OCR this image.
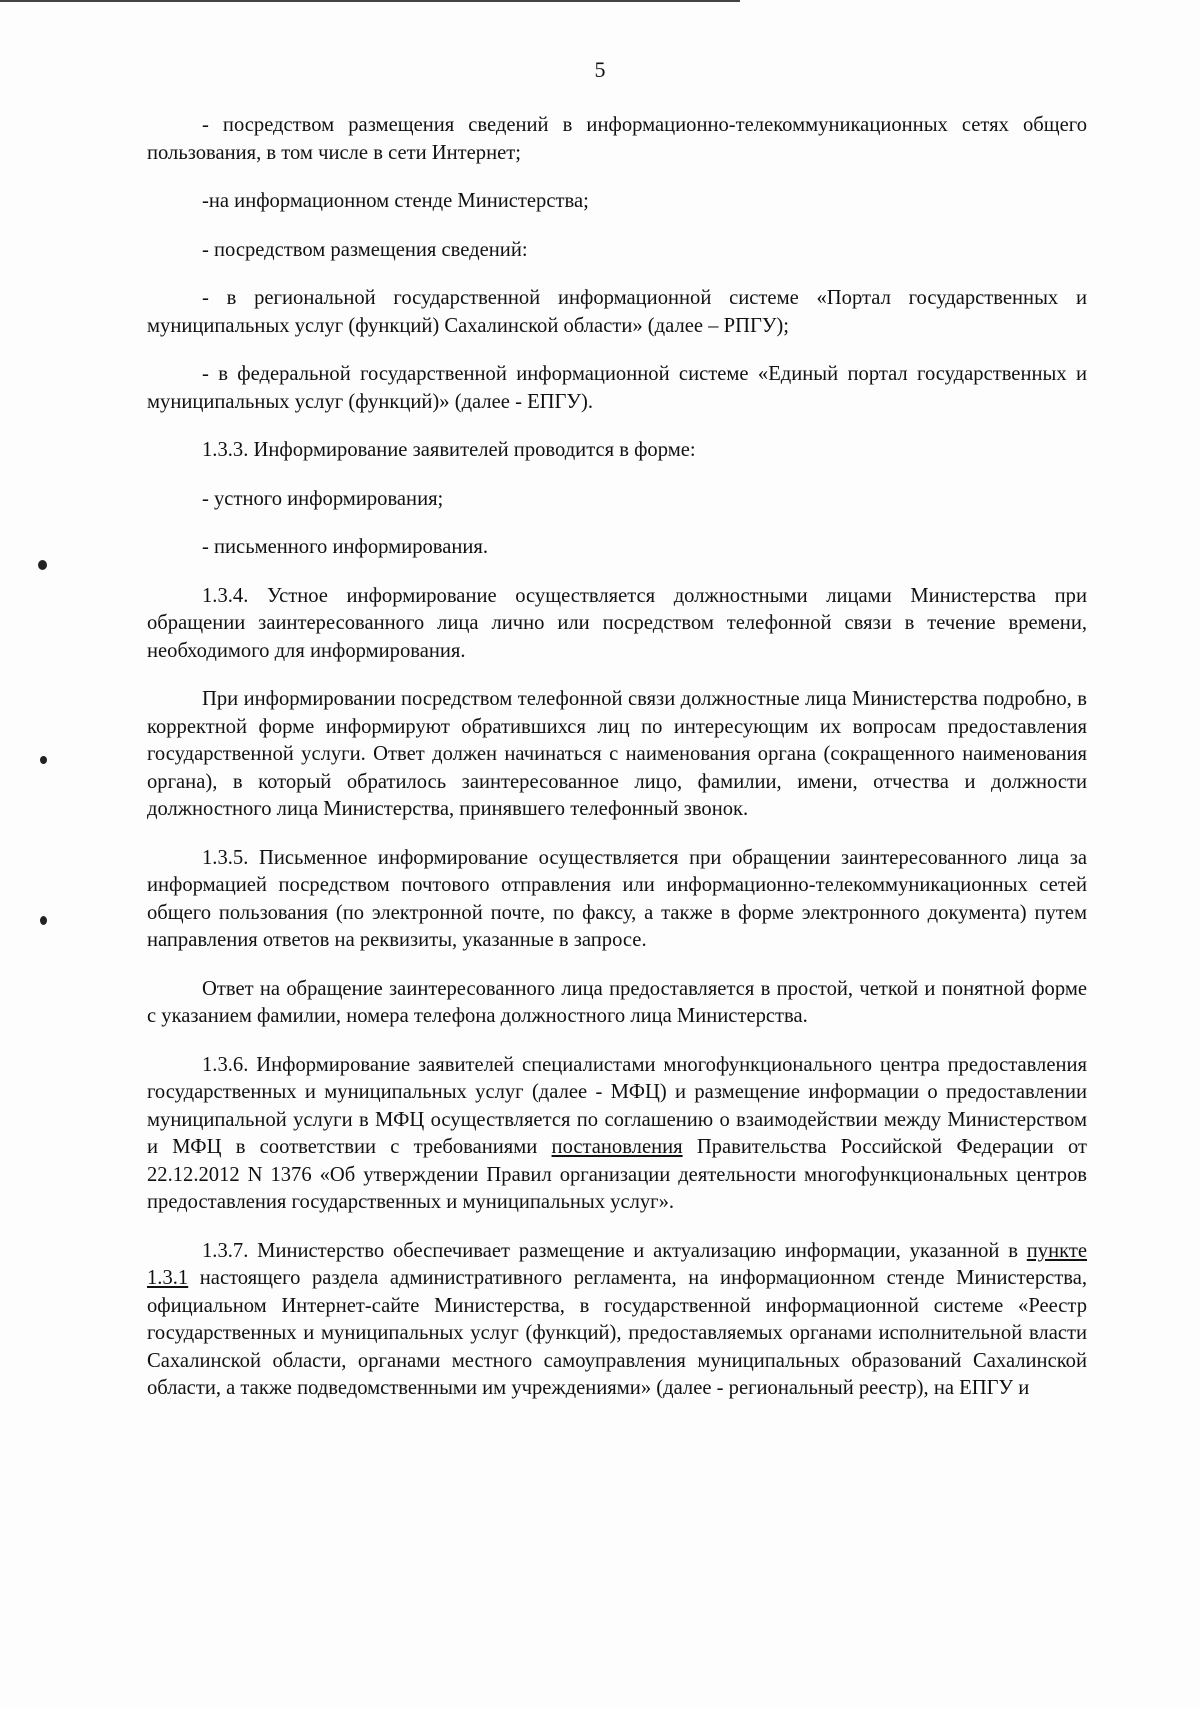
5

- посредством размещения сведений в информационно-телекоммуникационных сетях общего пользования, в том числе в сети Интернет;

-на информационном стенде Министерства;

- посредством размещения сведений:

- в региональной государственной информационной системе «Портал государственных и муниципальных услуг (функций) Сахалинской области» (далее – РПГУ);

- в федеральной государственной информационной системе «Единый портал государственных и муниципальных услуг (функций)» (далее - ЕПГУ).

1.3.3. Информирование заявителей проводится в форме:

- устного информирования;

- письменного информирования.

1.3.4. Устное информирование осуществляется должностными лицами Министерства при обращении заинтересованного лица лично или посредством телефонной связи в течение времени, необходимого для информирования.

При информировании посредством телефонной связи должностные лица Министерства подробно, в корректной форме информируют обратившихся лиц по интересующим их вопросам предоставления государственной услуги. Ответ должен начинаться с наименования органа (сокращенного наименования органа), в который обратилось заинтересованное лицо, фамилии, имени, отчества и должности должностного лица Министерства, принявшего телефонный звонок.

1.3.5. Письменное информирование осуществляется при обращении заинтересованного лица за информацией посредством почтового отправления или информационно-телекоммуникационных сетей общего пользования (по электронной почте, по факсу, а также в форме электронного документа) путем направления ответов на реквизиты, указанные в запросе.

Ответ на обращение заинтересованного лица предоставляется в простой, четкой и понятной форме с указанием фамилии, номера телефона должностного лица Министерства.

1.3.6. Информирование заявителей специалистами многофункционального центра предоставления государственных и муниципальных услуг (далее - МФЦ) и размещение информации о предоставлении муниципальной услуги в МФЦ осуществляется по соглашению о взаимодействии между Министерством и МФЦ в соответствии с требованиями постановления Правительства Российской Федерации от 22.12.2012 N 1376 «Об утверждении Правил организации деятельности многофункциональных центров предоставления государственных и муниципальных услуг».

1.3.7. Министерство обеспечивает размещение и актуализацию информации, указанной в пункте 1.3.1 настоящего раздела административного регламента, на информационном стенде Министерства, официальном Интернет-сайте Министерства, в государственной информационной системе «Реестр государственных и муниципальных услуг (функций), предоставляемых органами исполнительной власти Сахалинской области, органами местного самоуправления муниципальных образований Сахалинской области, а также подведомственными им учреждениями» (далее - региональный реестр), на ЕПГУ и
